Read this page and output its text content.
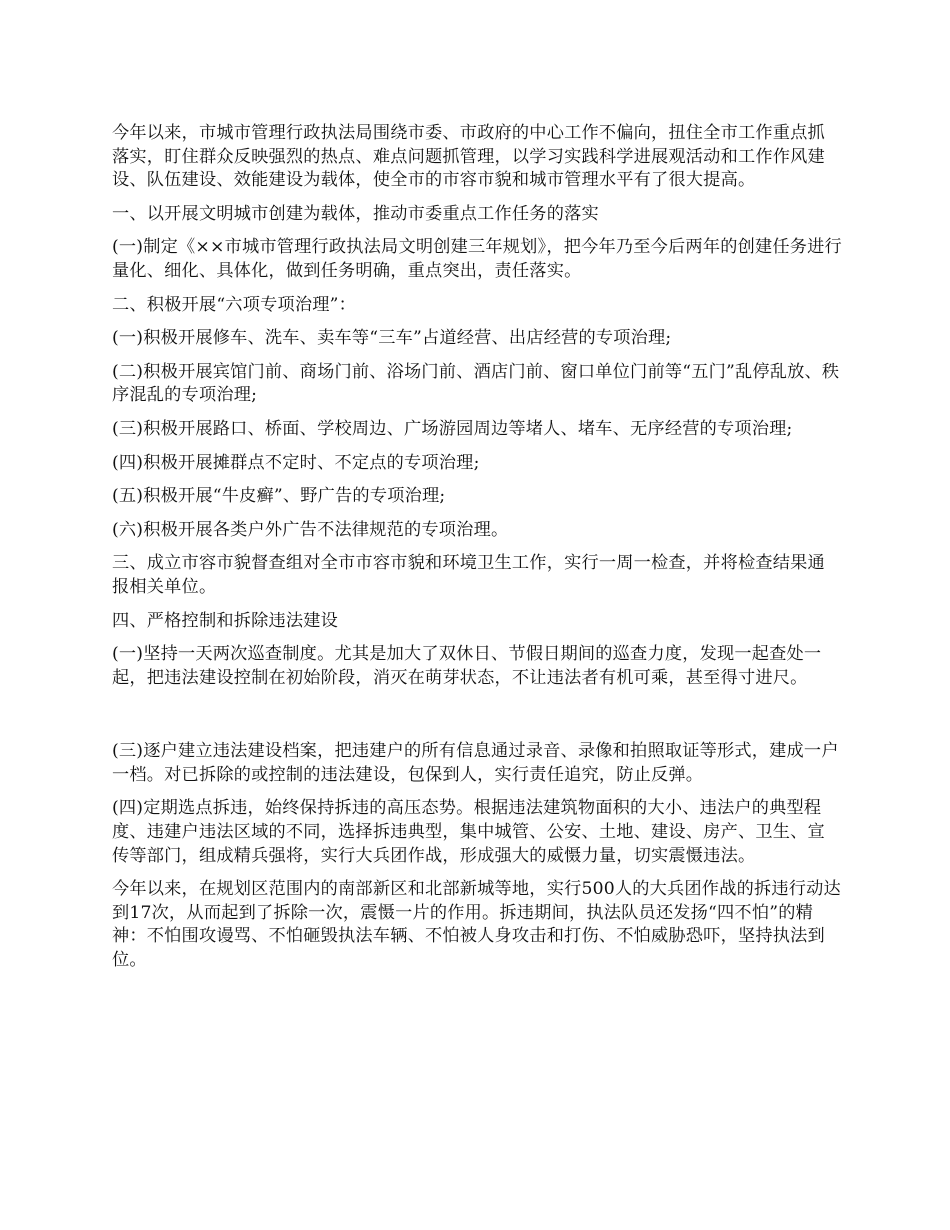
今年以来，市城市管理行政执法局围绕市委、市政府的中心工作不偏向，扭住全市工作重点抓落实，盯住群众反映强烈的热点、难点问题抓管理，以学习实践科学进展观活动和工作作风建设、队伍建设、效能建设为载体，使全市的市容市貌和城市管理水平有了很大提高。

一、以开展文明城市创建为载体，推动市委重点工作任务的落实

(一)制定《××市城市管理行政执法局文明创建三年规划》，把今年乃至今后两年的创建任务进行量化、细化、具体化，做到任务明确，重点突出，责任落实。

二、积极开展“六项专项治理”：

(一)积极开展修车、洗车、卖车等“三车”占道经营、出店经营的专项治理;

(二)积极开展宾馆门前、商场门前、浴场门前、酒店门前、窗口单位门前等“五门”乱停乱放、秩序混乱的专项治理;

(三)积极开展路口、桥面、学校周边、广场游园周边等堵人、堵车、无序经营的专项治理;

(四)积极开展摊群点不定时、不定点的专项治理;

(五)积极开展“牛皮癣”、野广告的专项治理;

(六)积极开展各类户外广告不法律规范的专项治理。

三、成立市容市貌督查组对全市市容市貌和环境卫生工作，实行一周一检查，并将检查结果通报相关单位。

四、严格控制和拆除违法建设

(一)坚持一天两次巡查制度。尤其是加大了双休日、节假日期间的巡查力度，发现一起查处一起，把违法建设控制在初始阶段，消灭在萌芽状态，不让违法者有机可乘，甚至得寸进尺。

(三)逐户建立违法建设档案，把违建户的所有信息通过录音、录像和拍照取证等形式，建成一户一档。对已拆除的或控制的违法建设，包保到人，实行责任追究，防止反弹。

(四)定期选点拆违，始终保持拆违的高压态势。根据违法建筑物面积的大小、违法户的典型程度、违建户违法区域的不同，选择拆违典型，集中城管、公安、土地、建设、房产、卫生、宣传等部门，组成精兵强将，实行大兵团作战，形成强大的威慑力量，切实震慑违法。

今年以来，在规划区范围内的南部新区和北部新城等地，实行500人的大兵团作战的拆违行动达到17次，从而起到了拆除一次，震慑一片的作用。拆违期间，执法队员还发扬“四不怕”的精神：不怕围攻谩骂、不怕砸毁执法车辆、不怕被人身攻击和打伤、不怕威胁恐吓，坚持执法到位。
